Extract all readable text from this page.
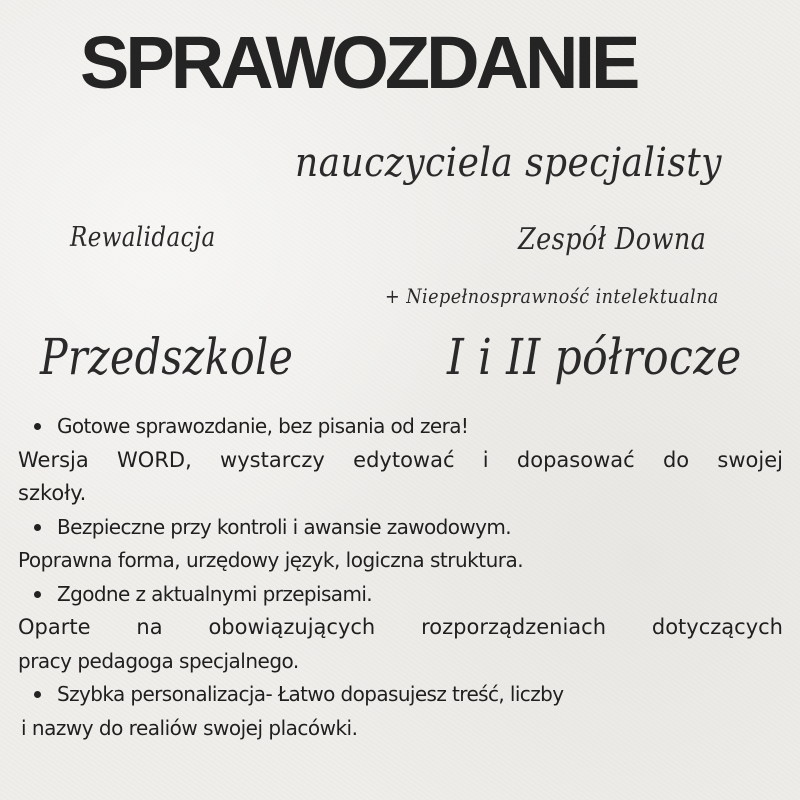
SPRAWOZDANIE
nauczyciela specjalisty
Rewalidacja	Zespół Downa
+ Niepełnosprawność intelektualna
Przedszkole	I i II półrocze
Gotowe sprawozdanie, bez pisania od zera!
Wersja WORD, wystarczy edytować i dopasować do swojej
szkoły.
Bezpieczne przy kontroli i awansie zawodowym.
Poprawna forma, urzędowy język, logiczna struktura.
Zgodne z aktualnymi przepisami.
Oparte na obowiązujących rozporządzeniach dotyczących
pracy pedagoga specjalnego.
Szybka personalizacja- Łatwo dopasujesz treść, liczby
i nazwy do realiów swojej placówki.
